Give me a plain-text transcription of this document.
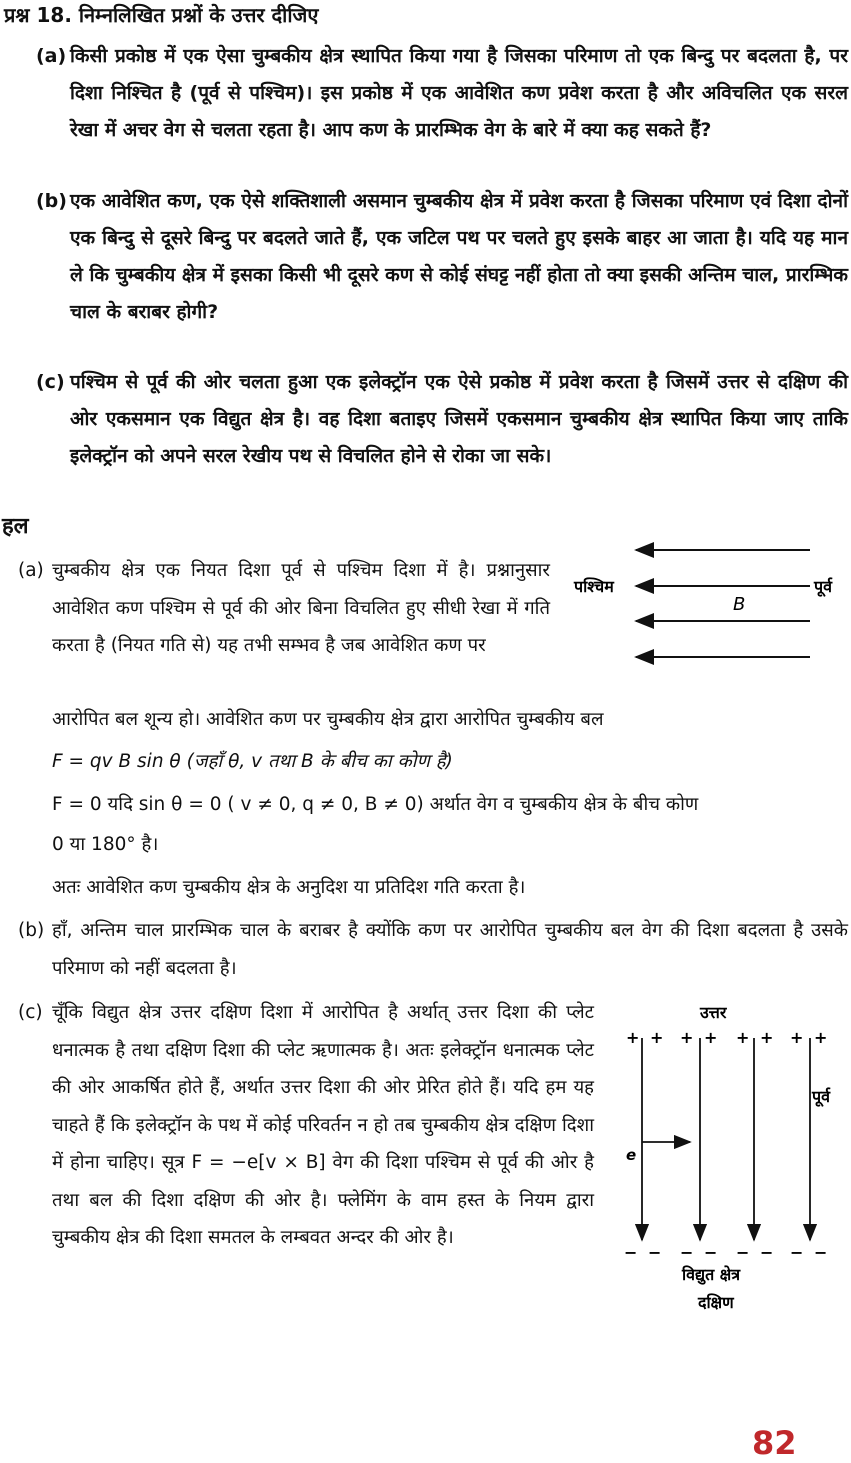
प्रश्न 18. निम्नलिखित प्रश्नों के उत्तर दीजिए
(a) किसी प्रकोष्ठ में एक ऐसा चुम्बकीय क्षेत्र स्थापित किया गया है जिसका परिमाण तो एक बिन्दु पर बदलता है, पर दिशा निश्चित है (पूर्व से पश्चिम)। इस प्रकोष्ठ में एक आवेशित कण प्रवेश करता है और अविचलित एक सरल रेखा में अचर वेग से चलता रहता है। आप कण के प्रारम्भिक वेग के बारे में क्या कह सकते हैं?
(b) एक आवेशित कण, एक ऐसे शक्तिशाली असमान चुम्बकीय क्षेत्र में प्रवेश करता है जिसका परिमाण एवं दिशा दोनों एक बिन्दु से दूसरे बिन्दु पर बदलते जाते हैं, एक जटिल पथ पर चलते हुए इसके बाहर आ जाता है। यदि यह मान ले कि चुम्बकीय क्षेत्र में इसका किसी भी दूसरे कण से कोई संघट्ट नहीं होता तो क्या इसकी अन्तिम चाल, प्रारम्भिक चाल के बराबर होगी?
(c) पश्चिम से पूर्व की ओर चलता हुआ एक इलेक्ट्रॉन एक ऐसे प्रकोष्ठ में प्रवेश करता है जिसमें उत्तर से दक्षिण की ओर एकसमान एक विद्युत क्षेत्र है। वह दिशा बताइए जिसमें एकसमान चुम्बकीय क्षेत्र स्थापित किया जाए ताकि इलेक्ट्रॉन को अपने सरल रेखीय पथ से विचलित होने से रोका जा सके।
हल
(a) चुम्बकीय क्षेत्र एक नियत दिशा पूर्व से पश्चिम दिशा में है। प्रश्नानुसार आवेशित कण पश्चिम से पूर्व की ओर बिना विचलित हुए सीधी रेखा में गति करता है (नियत गति से) यह तभी सम्भव है जब आवेशित कण पर
पश्चिम	पूर्व
B
आरोपित बल शून्य हो। आवेशित कण पर चुम्बकीय क्षेत्र द्वारा आरोपित चुम्बकीय बल
F = qv B sin θ (जहाँ θ, v तथा B के बीच का कोण है)
F = 0 यदि sin θ = 0 ( v ≠ 0, q ≠ 0, B ≠ 0) अर्थात वेग व चुम्बकीय क्षेत्र के बीच कोण
0 या 180° है।
अतः आवेशित कण चुम्बकीय क्षेत्र के अनुदिश या प्रतिदिश गति करता है।
(b) हाँ, अन्तिम चाल प्रारम्भिक चाल के बराबर है क्योंकि कण पर आरोपित चुम्बकीय बल वेग की दिशा बदलता है उसके परिमाण को नहीं बदलता है।
(c) चूँकि विद्युत क्षेत्र उत्तर दक्षिण दिशा में आरोपित है अर्थात् उत्तर दिशा की प्लेट धनात्मक है तथा दक्षिण दिशा की प्लेट ऋणात्मक है। अतः इलेक्ट्रॉन धनात्मक प्लेट की ओर आकर्षित होते हैं, अर्थात उत्तर दिशा की ओर प्रेरित होते हैं। यदि हम यह चाहते हैं कि इलेक्ट्रॉन के पथ में कोई परिवर्तन न हो तब चुम्बकीय क्षेत्र दक्षिण दिशा में होना चाहिए। सूत्र F = −e[v × B] वेग की दिशा पश्चिम से पूर्व की ओर है तथा बल की दिशा दक्षिण की ओर है। फ्लेमिंग के वाम हस्त के नियम द्वारा चुम्बकीय क्षेत्र की दिशा समतल के लम्बवत अन्दर की ओर है।
उत्तर
+ + + + + + + +
e
पूर्व
− − − − − − − −
विद्युत क्षेत्र
दक्षिण
82
